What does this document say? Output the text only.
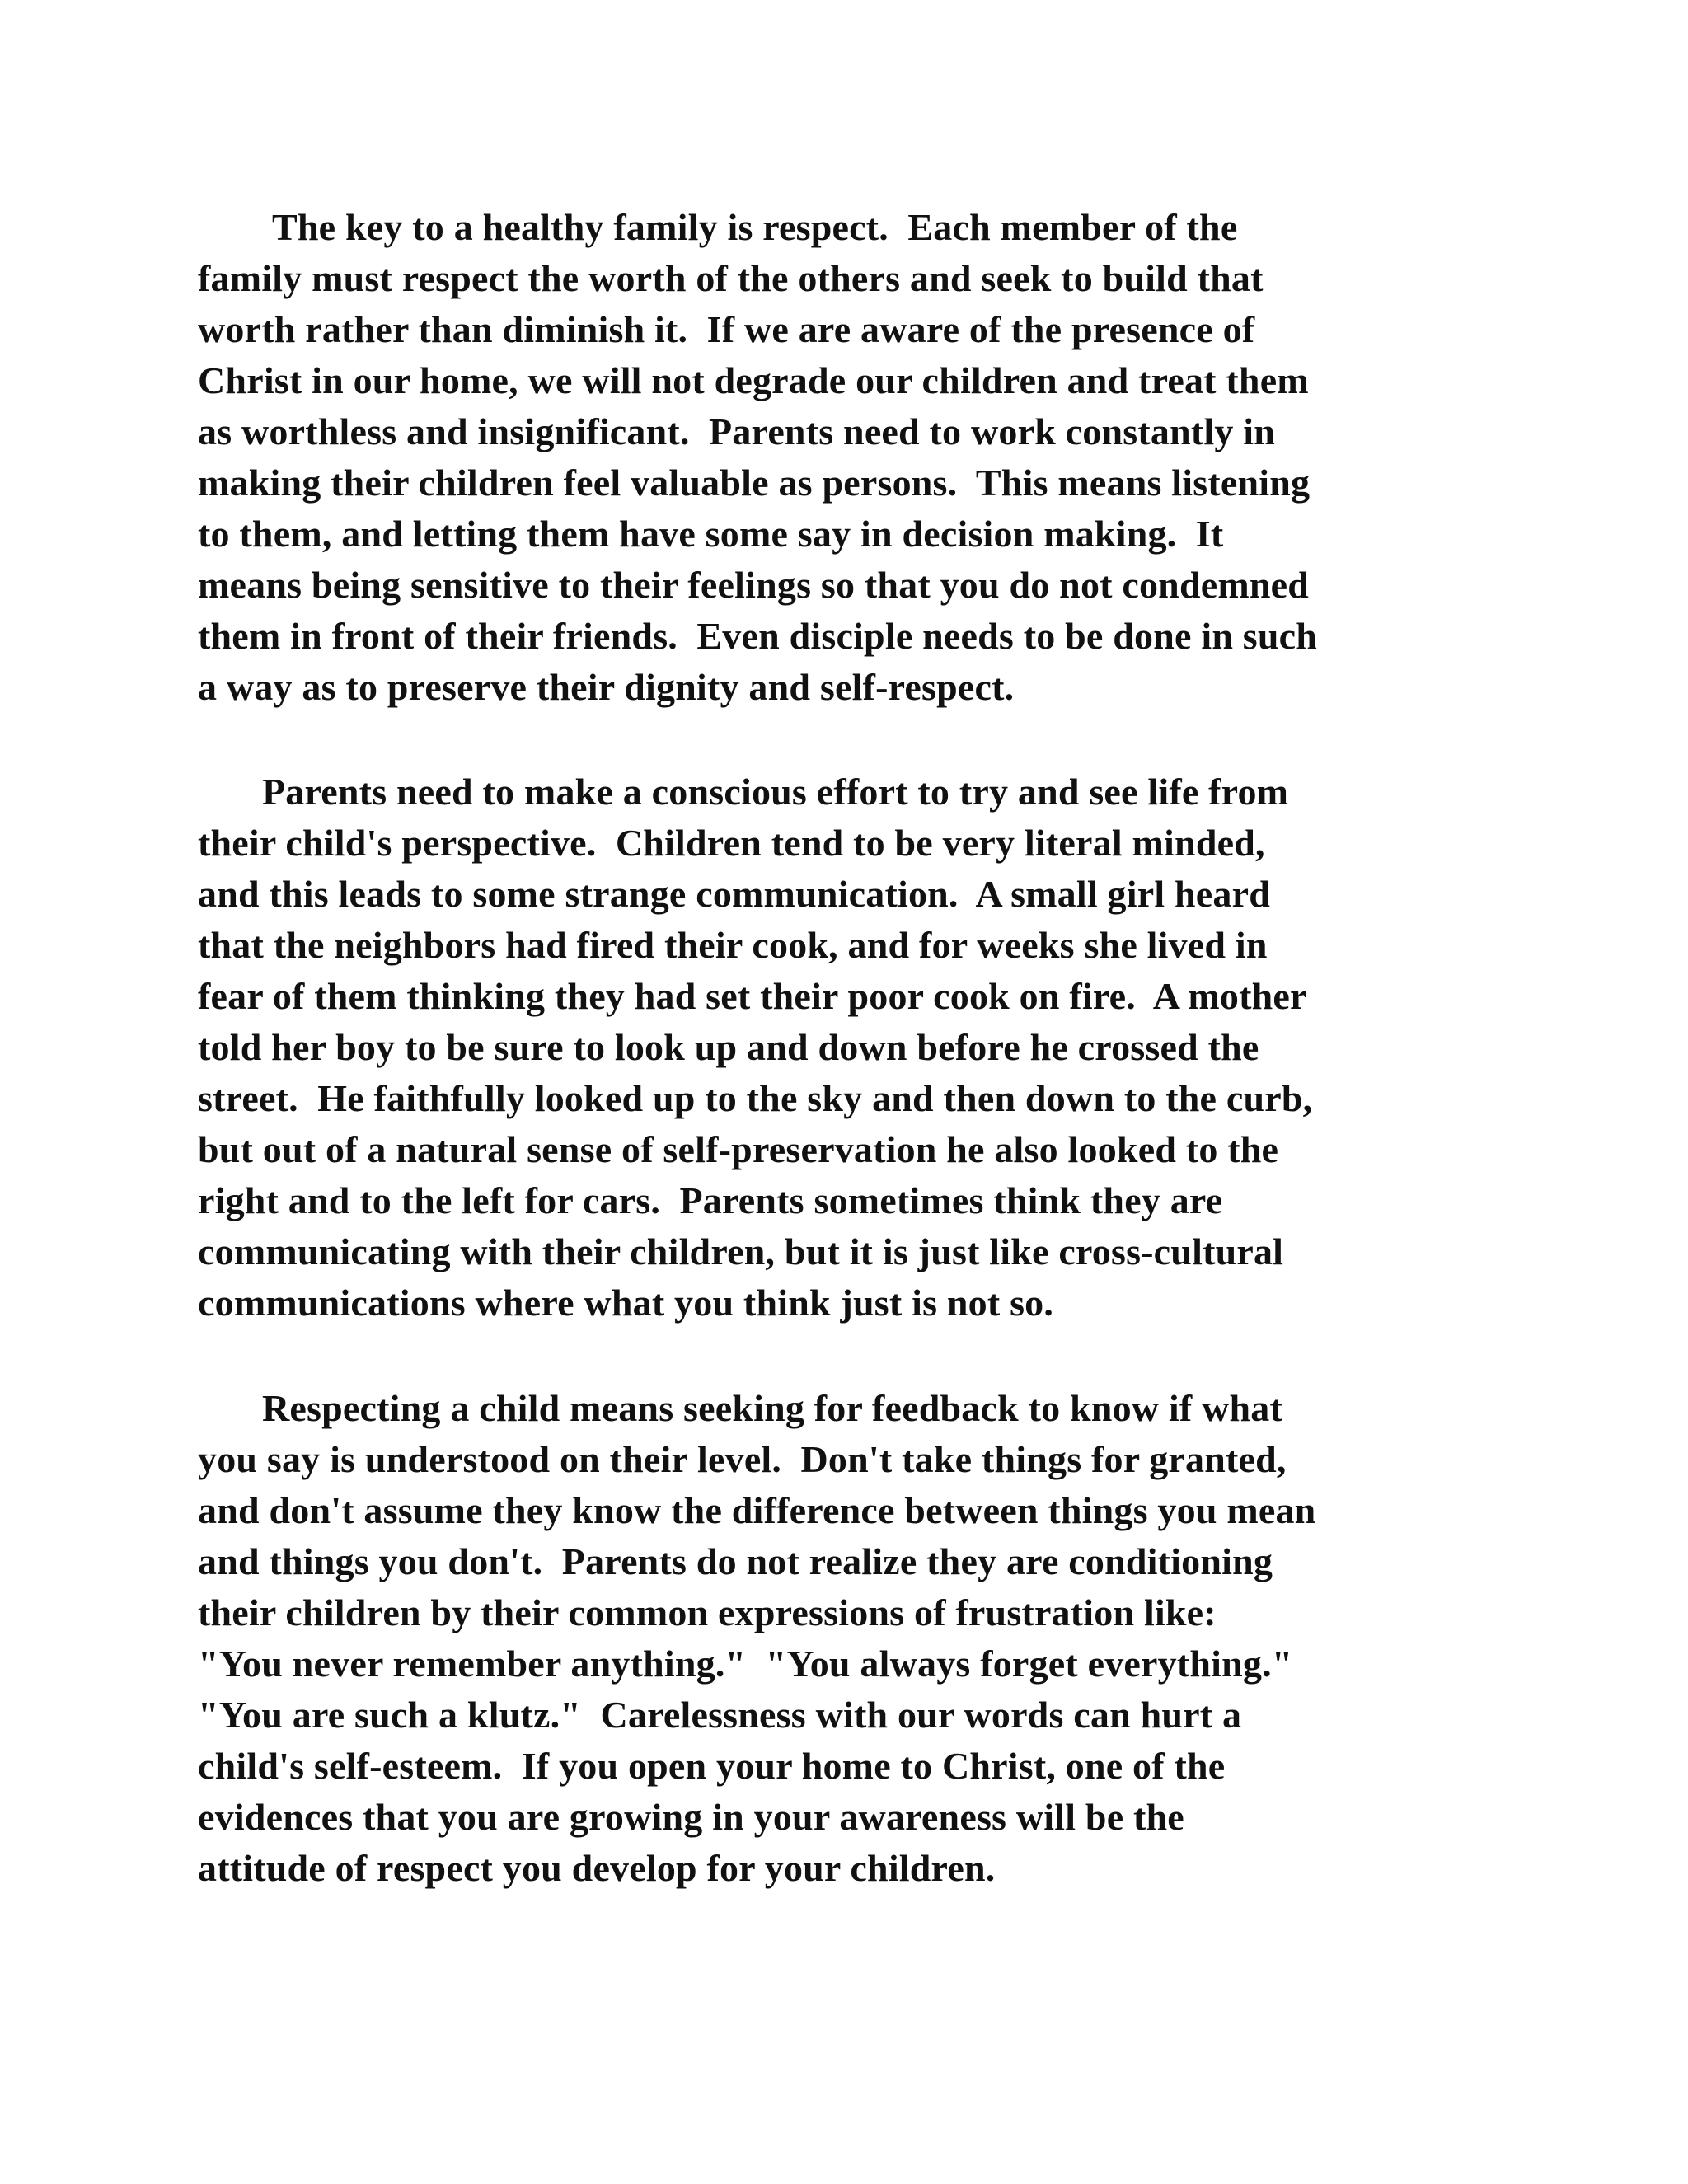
The key to a healthy family is respect.  Each member of the
family must respect the worth of the others and seek to build that
worth rather than diminish it.  If we are aware of the presence of
Christ in our home, we will not degrade our children and treat them
as worthless and insignificant.  Parents need to work constantly in
making their children feel valuable as persons.  This means listening
to them, and letting them have some say in decision making.  It
means being sensitive to their feelings so that you do not condemned
them in front of their friends.  Even disciple needs to be done in such
a way as to preserve their dignity and self-respect.
Parents need to make a conscious effort to try and see life from
their child's perspective.  Children tend to be very literal minded,
and this leads to some strange communication.  A small girl heard
that the neighbors had fired their cook, and for weeks she lived in
fear of them thinking they had set their poor cook on fire.  A mother
told her boy to be sure to look up and down before he crossed the
street.  He faithfully looked up to the sky and then down to the curb,
but out of a natural sense of self-preservation he also looked to the
right and to the left for cars.  Parents sometimes think they are
communicating with their children, but it is just like cross-cultural
communications where what you think just is not so.
Respecting a child means seeking for feedback to know if what
you say is understood on their level.  Don't take things for granted,
and don't assume they know the difference between things you mean
and things you don't.  Parents do not realize they are conditioning
their children by their common expressions of frustration like:
"You never remember anything."  "You always forget everything."
"You are such a klutz."  Carelessness with our words can hurt a
child's self-esteem.  If you open your home to Christ, one of the
evidences that you are growing in your awareness will be the
attitude of respect you develop for your children.
